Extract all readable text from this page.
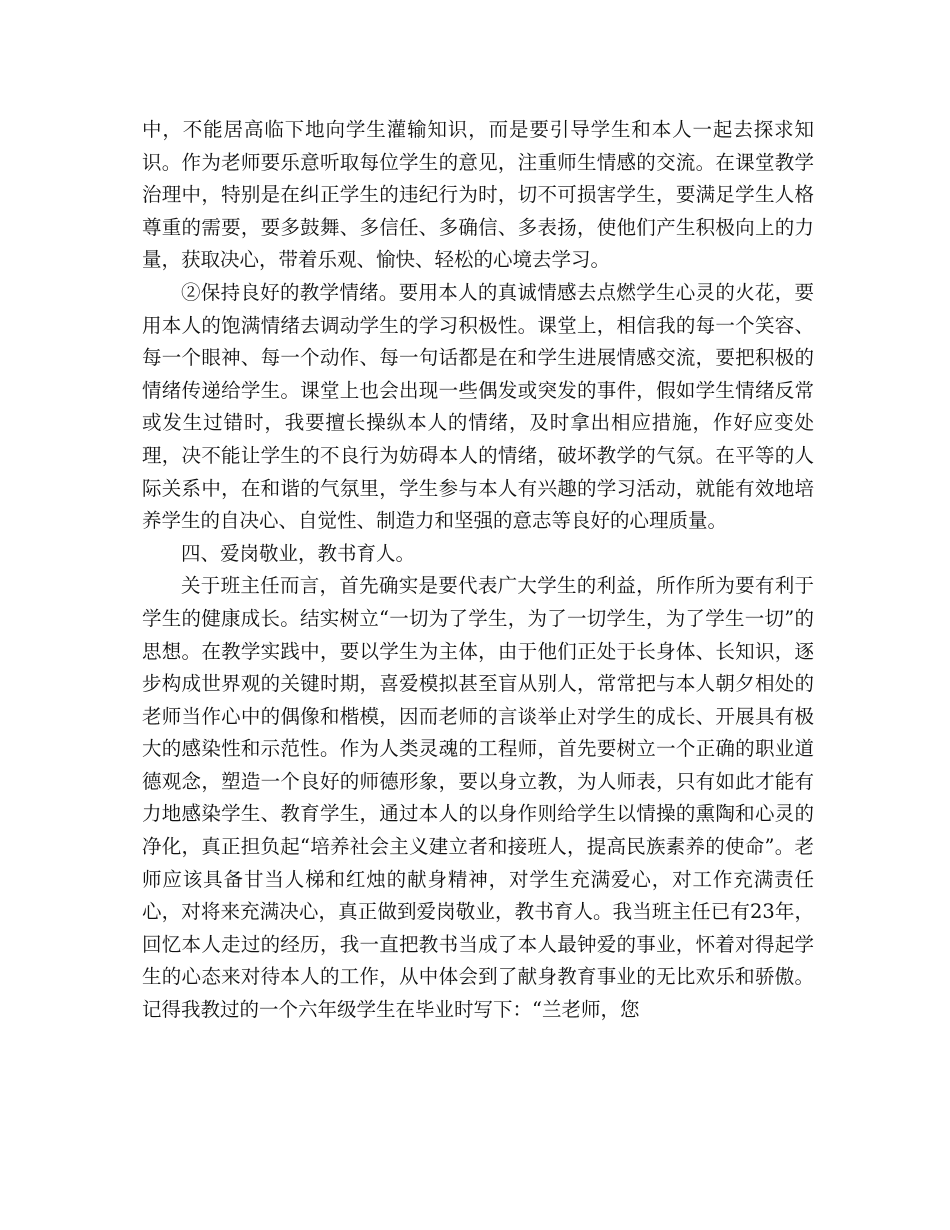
中，不能居高临下地向学生灌输知识，而是要引导学生和本人一起去探求知识。作为老师要乐意听取每位学生的意见，注重师生情感的交流。在课堂教学治理中，特别是在纠正学生的违纪行为时，切不可损害学生，要满足学生人格尊重的需要，要多鼓舞、多信任、多确信、多表扬，使他们产生积极向上的力量，获取决心，带着乐观、愉快、轻松的心境去学习。

②保持良好的教学情绪。要用本人的真诚情感去点燃学生心灵的火花，要用本人的饱满情绪去调动学生的学习积极性。课堂上，相信我的每一个笑容、每一个眼神、每一个动作、每一句话都是在和学生进展情感交流，要把积极的情绪传递给学生。课堂上也会出现一些偶发或突发的事件，假如学生情绪反常或发生过错时，我要擅长操纵本人的情绪，及时拿出相应措施，作好应变处理，决不能让学生的不良行为妨碍本人的情绪，破坏教学的气氛。在平等的人际关系中，在和谐的气氛里，学生参与本人有兴趣的学习活动，就能有效地培养学生的自决心、自觉性、制造力和坚强的意志等良好的心理质量。

四、爱岗敬业，教书育人。

关于班主任而言，首先确实是要代表广大学生的利益，所作所为要有利于学生的健康成长。结实树立“一切为了学生，为了一切学生，为了学生一切”的思想。在教学实践中，要以学生为主体，由于他们正处于长身体、长知识，逐步构成世界观的关键时期，喜爱模拟甚至盲从别人，常常把与本人朝夕相处的老师当作心中的偶像和楷模，因而老师的言谈举止对学生的成长、开展具有极大的感染性和示范性。作为人类灵魂的工程师，首先要树立一个正确的职业道德观念，塑造一个良好的师德形象，要以身立教，为人师表，只有如此才能有力地感染学生、教育学生，通过本人的以身作则给学生以情操的熏陶和心灵的净化，真正担负起“培养社会主义建立者和接班人，提高民族素养的使命”。老师应该具备甘当人梯和红烛的献身精神，对学生充满爱心，对工作充满责任心，对将来充满决心，真正做到爱岗敬业，教书育人。我当班主任已有23年，回忆本人走过的经历，我一直把教书当成了本人最钟爱的事业，怀着对得起学生的心态来对待本人的工作，从中体会到了献身教育事业的无比欢乐和骄傲。记得我教过的一个六年级学生在毕业时写下：“兰老师，您
